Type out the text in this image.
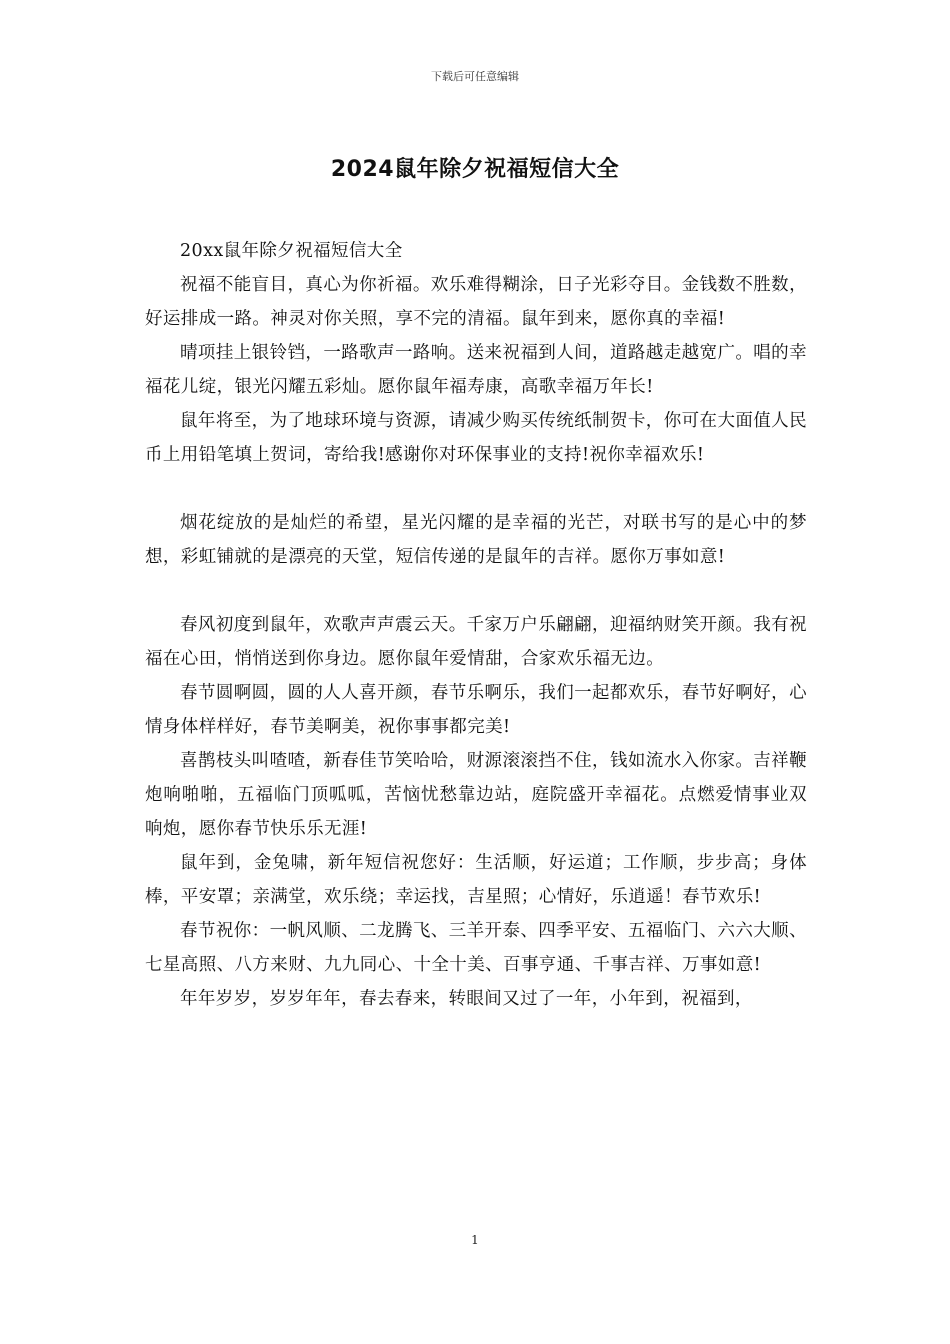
下载后可任意编辑
2024鼠年除夕祝福短信大全

20xx鼠年除夕祝福短信大全

祝福不能盲目，真心为你祈福。欢乐难得糊涂，日子光彩夺目。金钱数不胜数，好运排成一路。神灵对你关照，享不完的清福。鼠年到来，愿你真的幸福!

晴项挂上银铃铛，一路歌声一路响。送来祝福到人间，道路越走越宽广。唱的幸福花儿绽，银光闪耀五彩灿。愿你鼠年福寿康，高歌幸福万年长!

鼠年将至，为了地球环境与资源，请减少购买传统纸制贺卡，你可在大面值人民币上用铅笔填上贺词，寄给我!感谢你对环保事业的支持!祝你幸福欢乐!

烟花绽放的是灿烂的希望，星光闪耀的是幸福的光芒，对联书写的是心中的梦想，彩虹铺就的是漂亮的天堂，短信传递的是鼠年的吉祥。愿你万事如意!

春风初度到鼠年，欢歌声声震云天。千家万户乐翩翩，迎福纳财笑开颜。我有祝福在心田，悄悄送到你身边。愿你鼠年爱情甜，合家欢乐福无边。

春节圆啊圆，圆的人人喜开颜，春节乐啊乐，我们一起都欢乐，春节好啊好，心情身体样样好，春节美啊美，祝你事事都完美!

喜鹊枝头叫喳喳，新春佳节笑哈哈，财源滚滚挡不住，钱如流水入你家。吉祥鞭炮响啪啪，五福临门顶呱呱，苦恼忧愁靠边站，庭院盛开幸福花。点燃爱情事业双响炮，愿你春节快乐乐无涯!

鼠年到，金兔啸，新年短信祝您好：生活顺，好运道；工作顺，步步高；身体棒，平安罩；亲满堂，欢乐绕；幸运找，吉星照；心情好，乐逍遥！春节欢乐!

春节祝你：一帆风顺、二龙腾飞、三羊开泰、四季平安、五福临门、六六大顺、七星高照、八方来财、九九同心、十全十美、百事亨通、千事吉祥、万事如意!

年年岁岁，岁岁年年，春去春来，转眼间又过了一年，小年到，祝福到，

1
